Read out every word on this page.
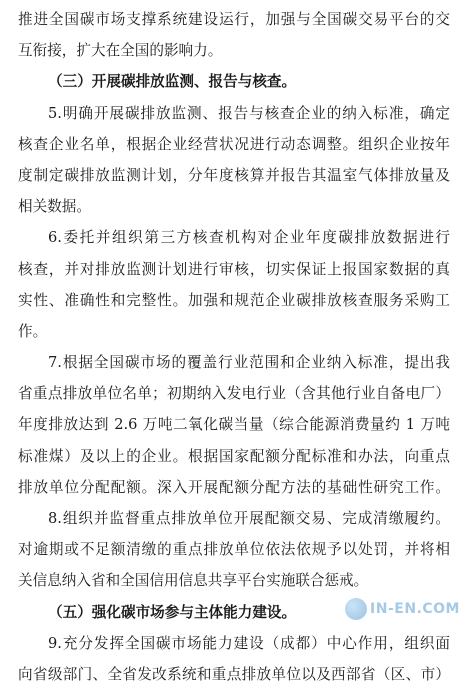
推进全国碳市场支撑系统建设运行，加强与全国碳交易平台的交
互衔接，扩大在全国的影响力。
（三）开展碳排放监测、报告与核查。
5.明确开展碳排放监测、报告与核查企业的纳入标准，确定
核查企业名单，根据企业经营状况进行动态调整。组织企业按年
度制定碳排放监测计划，分年度核算并报告其温室气体排放量及
相关数据。
6.委托并组织第三方核查机构对企业年度碳排放数据进行
核查，并对排放监测计划进行审核，切实保证上报国家数据的真
实性、准确性和完整性。加强和规范企业碳排放核查服务采购工
作。
7.根据全国碳市场的覆盖行业范围和企业纳入标准，提出我
省重点排放单位名单；初期纳入发电行业（含其他行业自备电厂）
年度排放达到 2.6 万吨二氧化碳当量（综合能源消费量约 1 万吨
标准煤）及以上的企业。根据国家配额分配标准和办法，向重点
排放单位分配配额。深入开展配额分配方法的基础性研究工作。
8.组织并监督重点排放单位开展配额交易、完成清缴履约。
对逾期或不足额清缴的重点排放单位依法依规予以处罚，并将相
关信息纳入省和全国信用信息共享平台实施联合惩戒。
（五）强化碳市场参与主体能力建设。
9.充分发挥全国碳市场能力建设（成都）中心作用，组织面
向省级部门、全省发改系统和重点排放单位以及西部省（区、市）
IN-EN.COM
